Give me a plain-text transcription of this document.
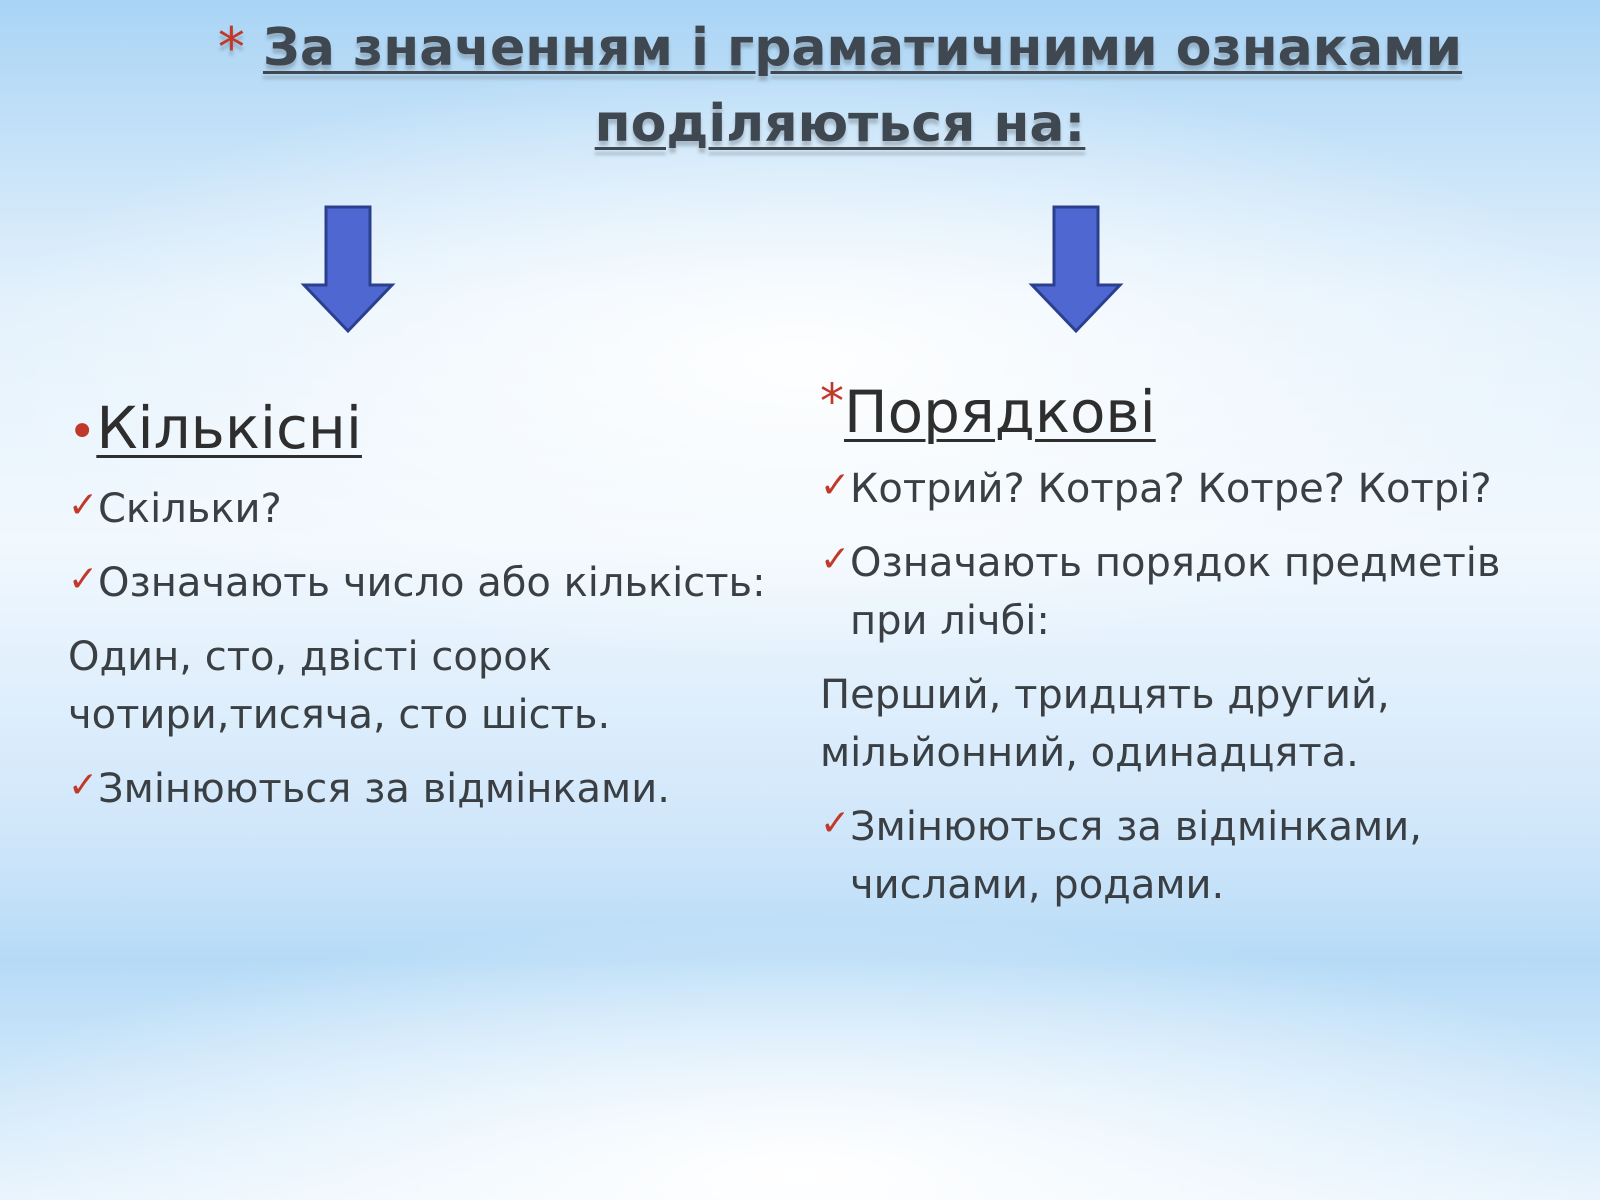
* За значенням і граматичними ознаками
поділяються на:
•Кількісні
✓ Скільки?
✓ Означають число або кількість:
Один, сто, двісті сорок чотири,тисяча, сто шість.
✓ Змінюються за відмінками.
*Порядкові
✓ Котрий? Котра? Котре? Котрі?
✓ Означають порядок предметів при лічбі:
Перший, тридцять другий, мільйонний, одинадцята.
✓ Змінюються за відмінками, числами, родами.
